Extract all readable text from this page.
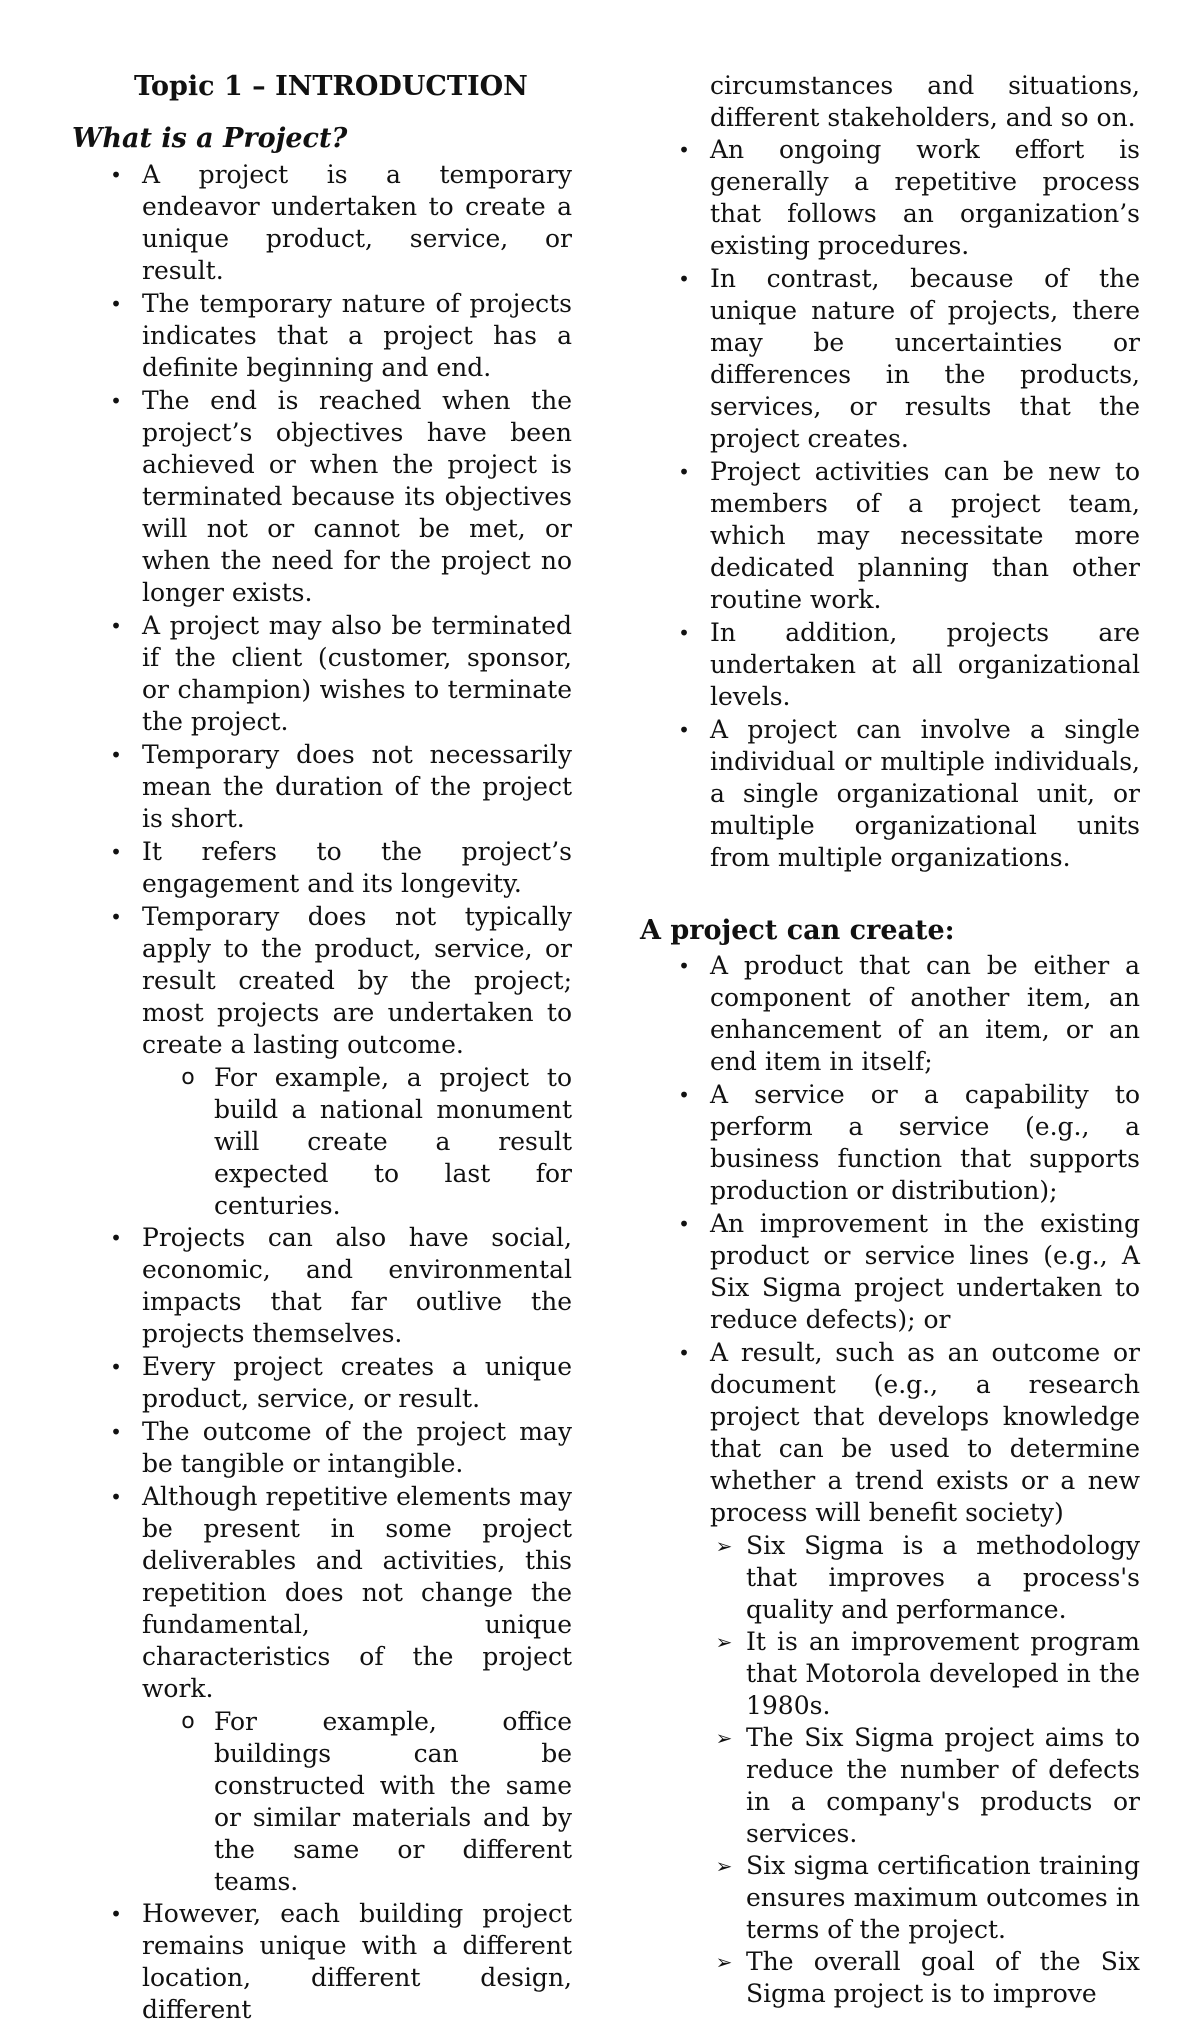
Topic 1 – INTRODUCTION
What is a Project?
• A project is a temporary endeavor undertaken to create a unique product, service, or result.
• The temporary nature of projects indicates that a project has a definite beginning and end.
• The end is reached when the project’s objectives have been achieved or when the project is terminated because its objectives will not or cannot be met, or when the need for the project no longer exists.
• A project may also be terminated if the client (customer, sponsor, or champion) wishes to terminate the project.
• Temporary does not necessarily mean the duration of the project is short.
• It refers to the project’s engagement and its longevity.
• Temporary does not typically apply to the product, service, or result created by the project; most projects are undertaken to create a lasting outcome.
o For example, a project to build a national monument will create a result expected to last for centuries.
• Projects can also have social, economic, and environmental impacts that far outlive the projects themselves.
• Every project creates a unique product, service, or result.
• The outcome of the project may be tangible or intangible.
• Although repetitive elements may be present in some project deliverables and activities, this repetition does not change the fundamental, unique characteristics of the project work.
o For example, office buildings can be constructed with the same or similar materials and by the same or different teams.
• However, each building project remains unique with a different location, different design, different
circumstances and situations, different stakeholders, and so on.
• An ongoing work effort is generally a repetitive process that follows an organization’s existing procedures.
• In contrast, because of the unique nature of projects, there may be uncertainties or differences in the products, services, or results that the project creates.
• Project activities can be new to members of a project team, which may necessitate more dedicated planning than other routine work.
• In addition, projects are undertaken at all organizational levels.
• A project can involve a single individual or multiple individuals, a single organizational unit, or multiple organizational units from multiple organizations.
A project can create:
• A product that can be either a component of another item, an enhancement of an item, or an end item in itself;
• A service or a capability to perform a service (e.g., a business function that supports production or distribution);
• An improvement in the existing product or service lines (e.g., A Six Sigma project undertaken to reduce defects); or
• A result, such as an outcome or document (e.g., a research project that develops knowledge that can be used to determine whether a trend exists or a new process will benefit society)
➢ Six Sigma is a methodology that improves a process's quality and performance.
➢ It is an improvement program that Motorola developed in the 1980s.
➢ The Six Sigma project aims to reduce the number of defects in a company's products or services.
➢ Six sigma certification training ensures maximum outcomes in terms of the project.
➢ The overall goal of the Six Sigma project is to improve
